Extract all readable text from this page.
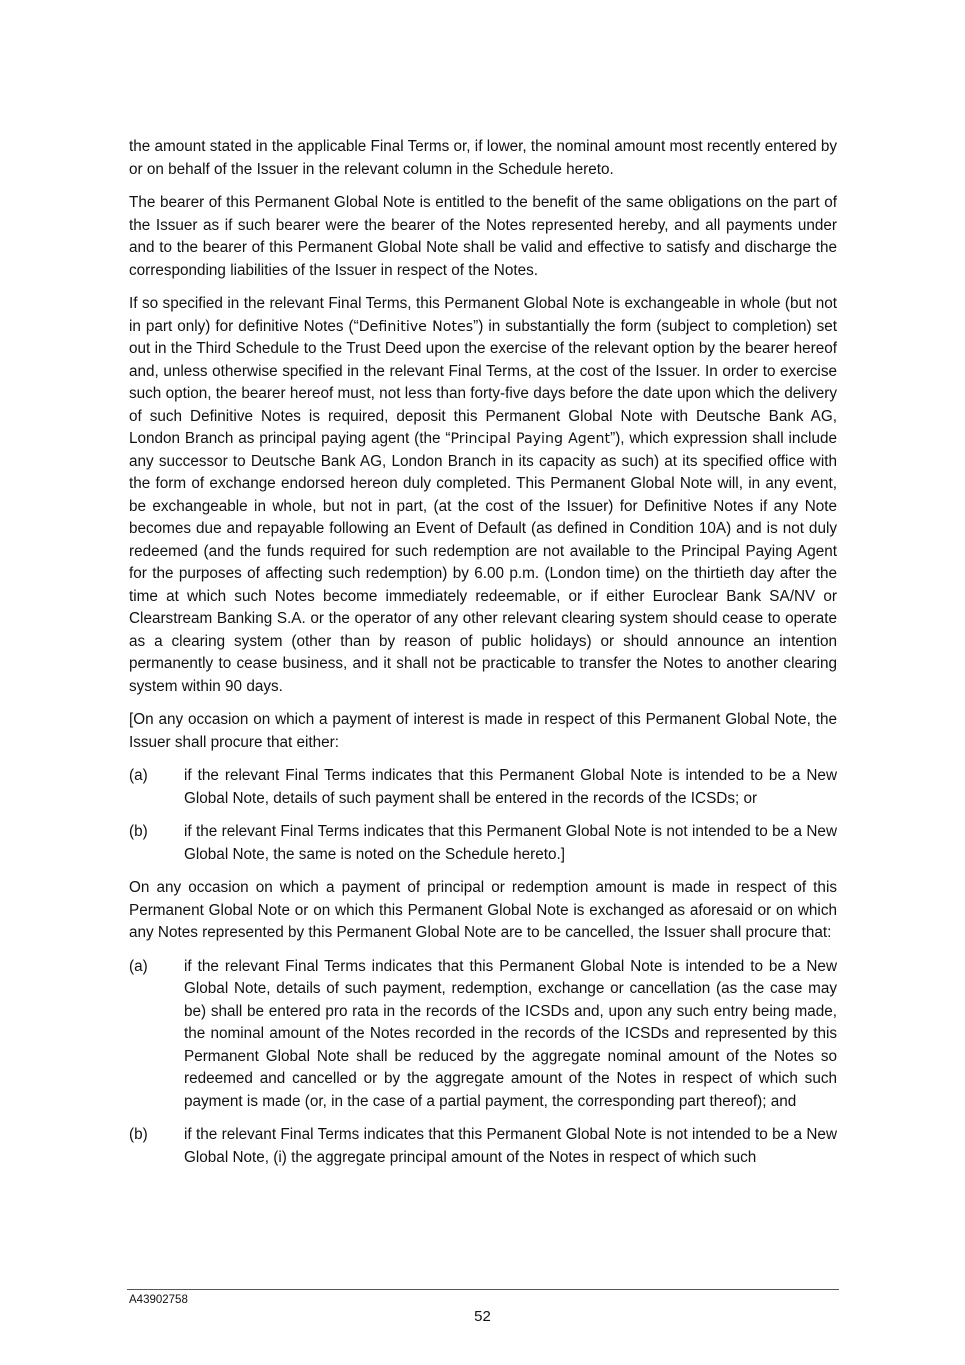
the amount stated in the applicable Final Terms or, if lower, the nominal amount most recently entered by or on behalf of the Issuer in the relevant column in the Schedule hereto.

The bearer of this Permanent Global Note is entitled to the benefit of the same obligations on the part of the Issuer as if such bearer were the bearer of the Notes represented hereby, and all payments under and to the bearer of this Permanent Global Note shall be valid and effective to satisfy and discharge the corresponding liabilities of the Issuer in respect of the Notes.

If so specified in the relevant Final Terms, this Permanent Global Note is exchangeable in whole (but not in part only) for definitive Notes (“Definitive Notes”) in substantially the form (subject to completion) set out in the Third Schedule to the Trust Deed upon the exercise of the relevant option by the bearer hereof and, unless otherwise specified in the relevant Final Terms, at the cost of the Issuer. In order to exercise such option, the bearer hereof must, not less than forty-five days before the date upon which the delivery of such Definitive Notes is required, deposit this Permanent Global Note with Deutsche Bank AG, London Branch as principal paying agent (the “Principal Paying Agent”), which expression shall include any successor to Deutsche Bank AG, London Branch in its capacity as such) at its specified office with the form of exchange endorsed hereon duly completed. This Permanent Global Note will, in any event, be exchangeable in whole, but not in part, (at the cost of the Issuer) for Definitive Notes if any Note becomes due and repayable following an Event of Default (as defined in Condition 10A) and is not duly redeemed (and the funds required for such redemption are not available to the Principal Paying Agent for the purposes of affecting such redemption) by 6.00 p.m. (London time) on the thirtieth day after the time at which such Notes become immediately redeemable, or if either Euroclear Bank SA/NV or Clearstream Banking S.A. or the operator of any other relevant clearing system should cease to operate as a clearing system (other than by reason of public holidays) or should announce an intention permanently to cease business, and it shall not be practicable to transfer the Notes to another clearing system within 90 days.

[On any occasion on which a payment of interest is made in respect of this Permanent Global Note, the Issuer shall procure that either:

(a)	if the relevant Final Terms indicates that this Permanent Global Note is intended to be a New Global Note, details of such payment shall be entered in the records of the ICSDs; or
(b)	if the relevant Final Terms indicates that this Permanent Global Note is not intended to be a New Global Note, the same is noted on the Schedule hereto.]

On any occasion on which a payment of principal or redemption amount is made in respect of this Permanent Global Note or on which this Permanent Global Note is exchanged as aforesaid or on which any Notes represented by this Permanent Global Note are to be cancelled, the Issuer shall procure that:

(a)	if the relevant Final Terms indicates that this Permanent Global Note is intended to be a New Global Note, details of such payment, redemption, exchange or cancellation (as the case may be) shall be entered pro rata in the records of the ICSDs and, upon any such entry being made, the nominal amount of the Notes recorded in the records of the ICSDs and represented by this Permanent Global Note shall be reduced by the aggregate nominal amount of the Notes so redeemed and cancelled or by the aggregate amount of the Notes in respect of which such payment is made (or, in the case of a partial payment, the corresponding part thereof); and
(b)	if the relevant Final Terms indicates that this Permanent Global Note is not intended to be a New Global Note, (i) the aggregate principal amount of the Notes in respect of which such
A43902758
52
